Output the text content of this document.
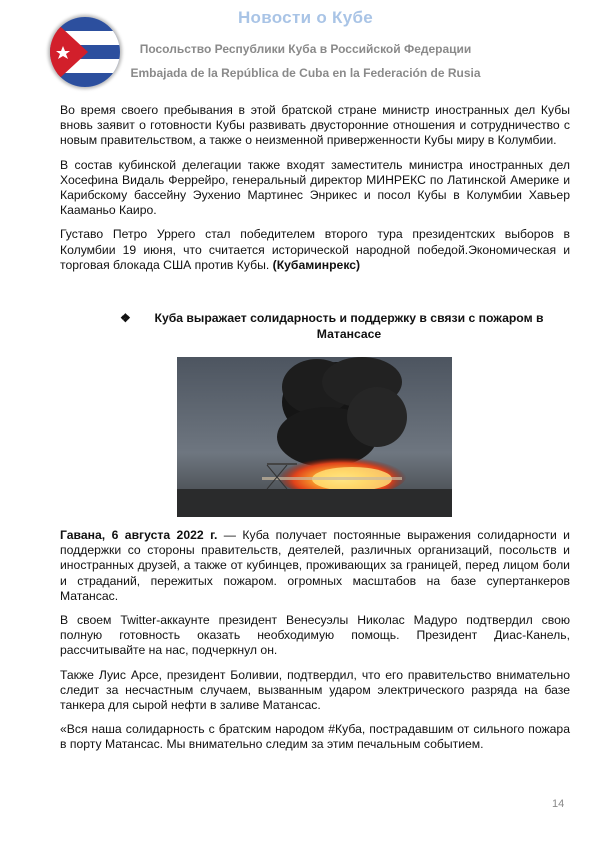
Новости о Кубе
Посольство Республики Куба в Российской Федерации
Embajada de la República de Cuba en la Federación de Rusia

Во время своего пребывания в этой братской стране министр иностранных дел Кубы вновь заявит о готовности Кубы развивать двусторонние отношения и сотрудничество с новым правительством, а также о неизменной приверженности Кубы миру в Колумбии.

В состав кубинской делегации также входят заместитель министра иностранных дел Хосефина Видаль Феррейро, генеральный директор МИНРЕКС по Латинской Америке и Карибскому бассейну Эухенио Мартинес Энрикес и посол Кубы в Колумбии Хавьер Кааманьо Каиро.

Густаво Петро Уррего стал победителем второго тура президентских выборов в Колумбии 19 июня, что считается исторической народной победой.Экономическая и торговая блокада США против Кубы. (Кубаминрекс)

❖	Куба выражает солидарность и поддержку в связи с пожаром в Матансасе

Гавана, 6 августа 2022 г. — Куба получает постоянные выражения солидарности и поддержки со стороны правительств, деятелей, различных организаций, посольств и иностранных друзей, а также от кубинцев, проживающих за границей, перед лицом боли и страданий, пережитых пожаром. огромных масштабов на базе супертанкеров Матансас.

В своем Twitter-аккаунте президент Венесуэлы Николас Мадуро подтвердил свою полную готовность оказать необходимую помощь. Президент Диас-Канель, рассчитывайте на нас, подчеркнул он.

Также Луис Арсе, президент Боливии, подтвердил, что его правительство внимательно следит за несчастным случаем, вызванным ударом электрического разряда на базе танкера для сырой нефти в заливе Матансас.

«Вся наша солидарность с братским народом #Куба, пострадавшим от сильного пожара в порту Матансас. Мы внимательно следим за этим печальным событием.

14
